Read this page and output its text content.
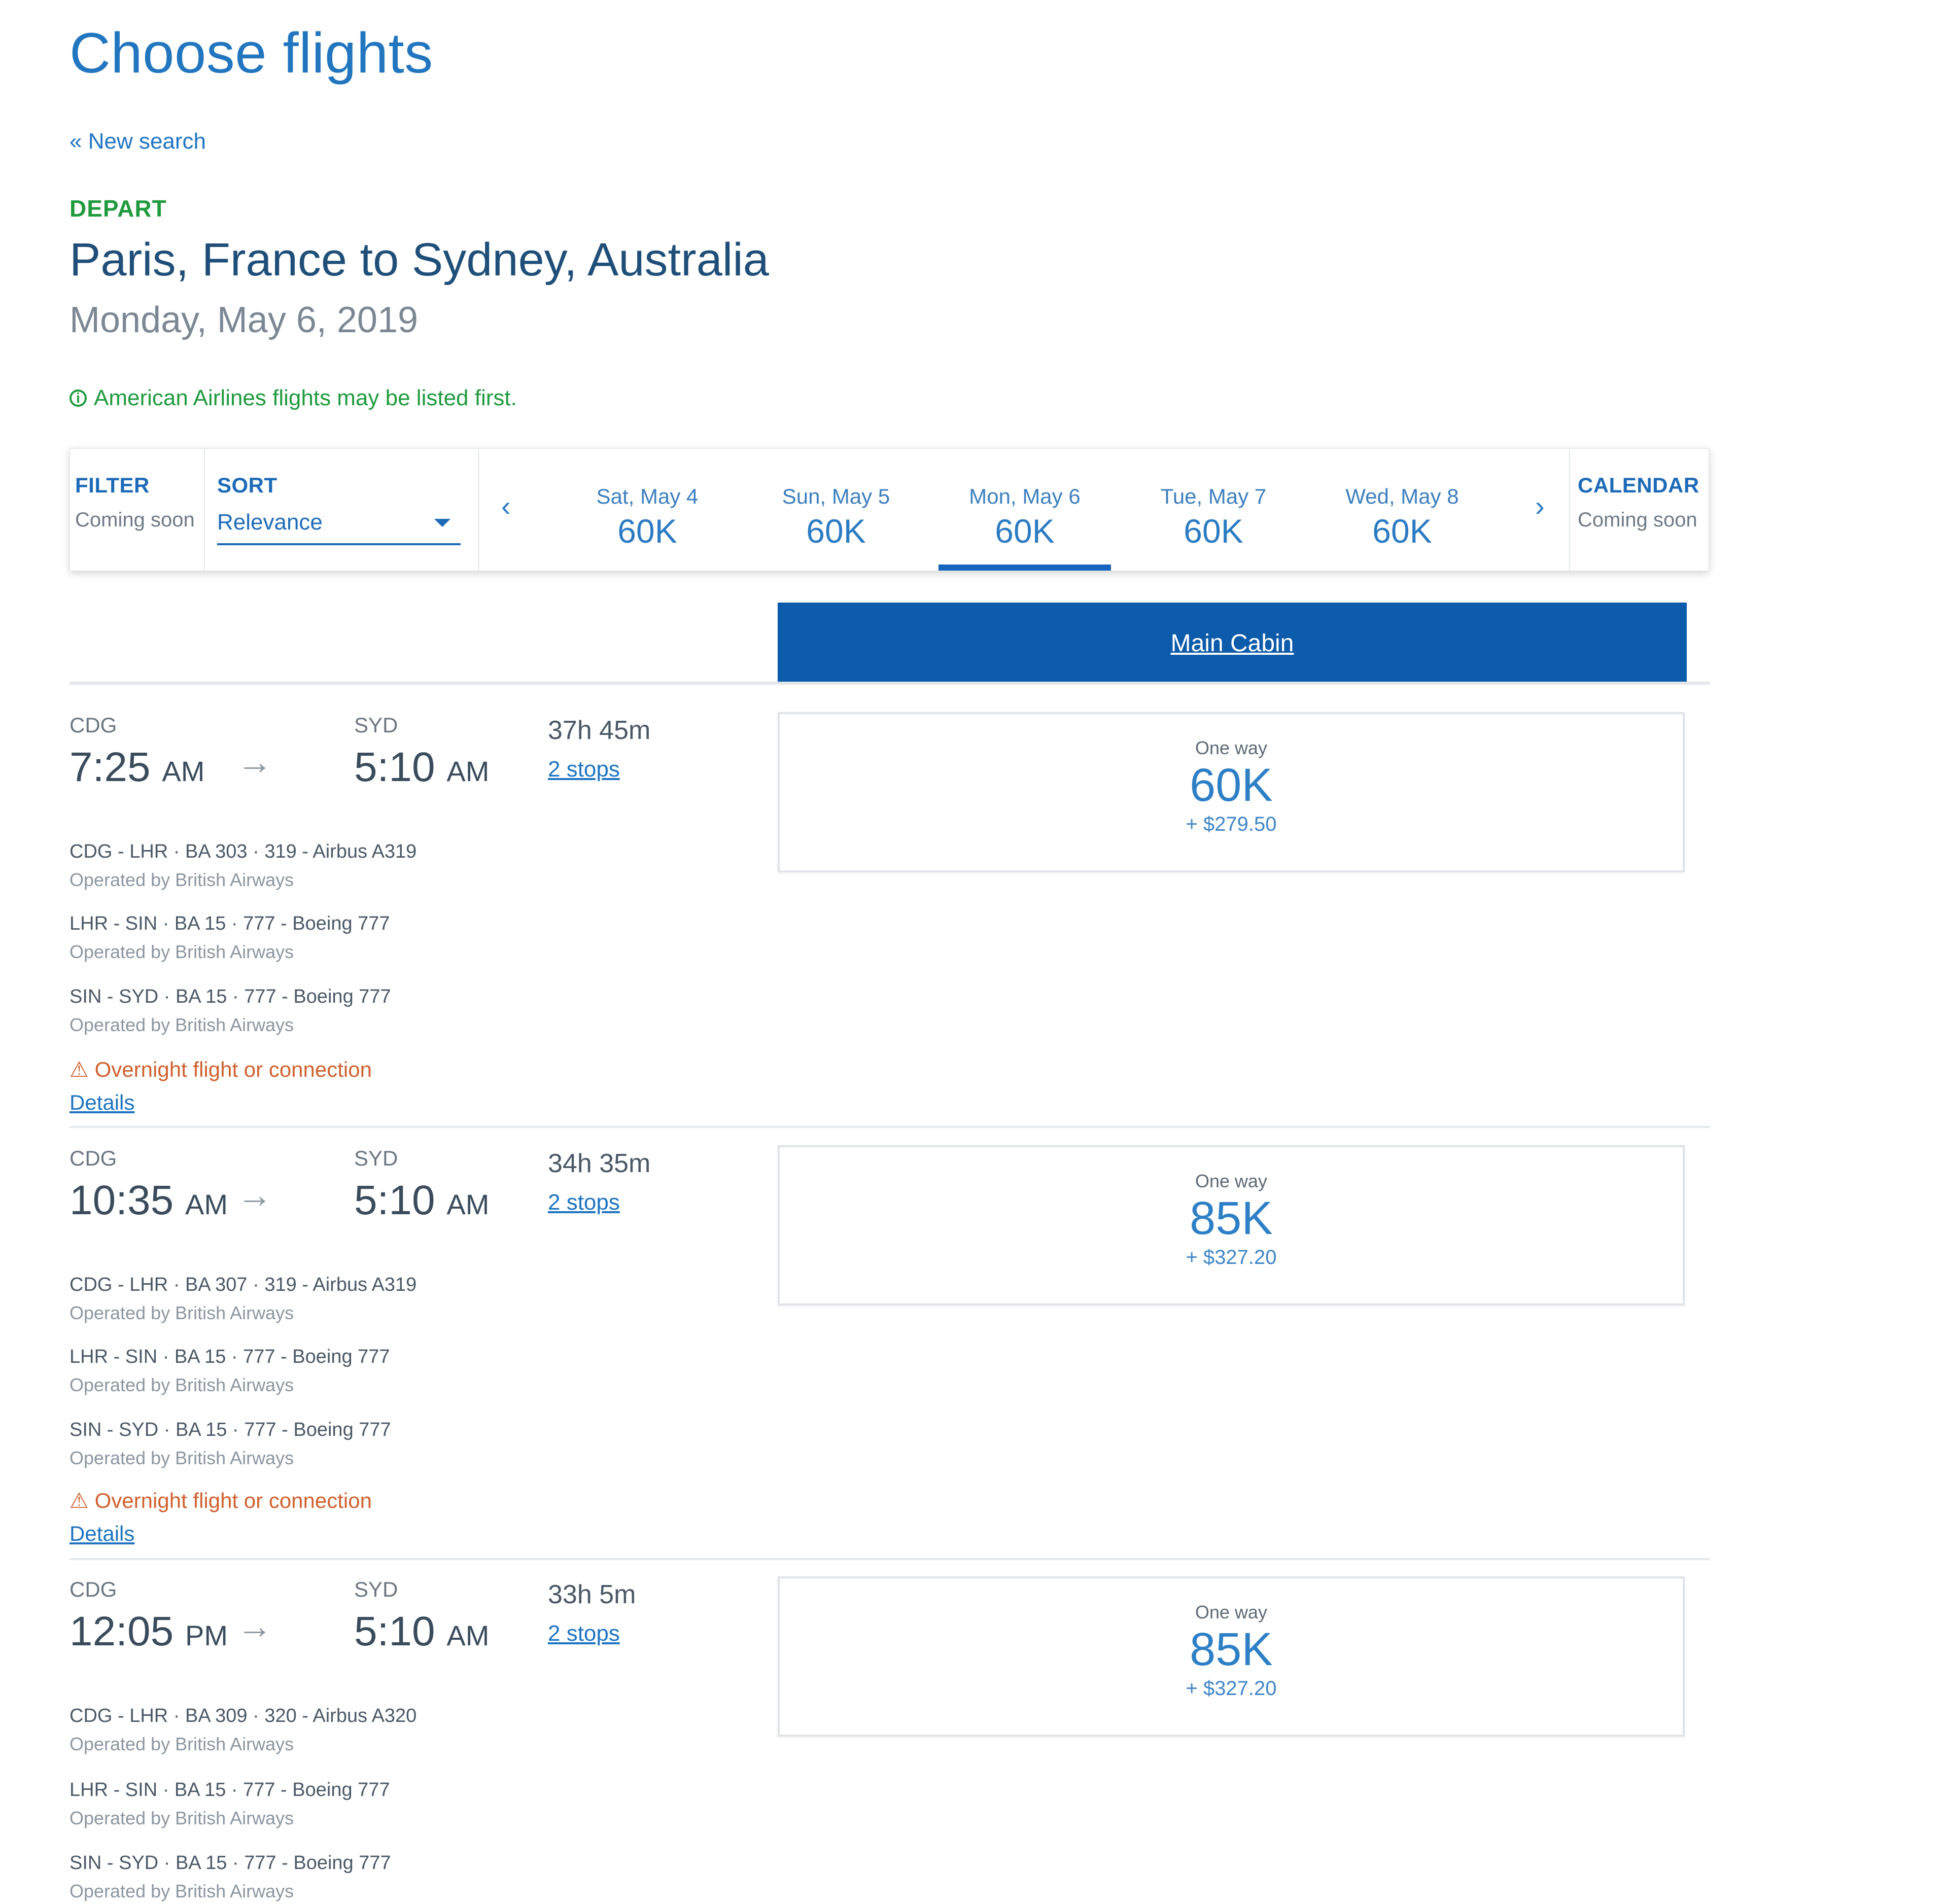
Choose flights
« New search
DEPART
Paris, France to Sydney, Australia
Monday, May 6, 2019
i American Airlines flights may be listed first.
FILTER
Coming soon
SORT
Relevance
‹	Sat, May 4
60K
Sun, May 5
60K
Mon, May 6
60K
Tue, May 7
60K
Wed, May 8
60K
›
CALENDAR
Coming soon
Main Cabin
CDG
7:25 AM →
SYD
5:10 AM
37h 45m
2 stops
CDG - LHR · BA 303 · 319 - Airbus A319
Operated by British Airways
LHR - SIN · BA 15 · 777 - Boeing 777
Operated by British Airways
SIN - SYD · BA 15 · 777 - Boeing 777
Operated by British Airways
⚠ Overnight flight or connection
Details
One way
60K
+ $279.50
CDG
10:35 AM →
SYD
5:10 AM
34h 35m
2 stops
CDG - LHR · BA 307 · 319 - Airbus A319
Operated by British Airways
LHR - SIN · BA 15 · 777 - Boeing 777
Operated by British Airways
SIN - SYD · BA 15 · 777 - Boeing 777
Operated by British Airways
⚠ Overnight flight or connection
Details
One way
85K
+ $327.20
CDG
12:05 PM →
SYD
5:10 AM
33h 5m
2 stops
CDG - LHR · BA 309 · 320 - Airbus A320
Operated by British Airways
LHR - SIN · BA 15 · 777 - Boeing 777
Operated by British Airways
SIN - SYD · BA 15 · 777 - Boeing 777
Operated by British Airways
One way
85K
+ $327.20
